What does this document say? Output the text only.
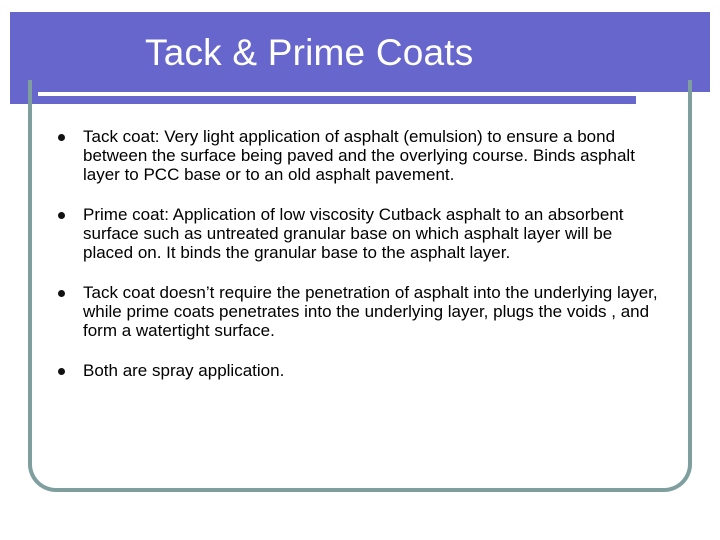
Tack & Prime Coats
Tack coat: Very light application of asphalt (emulsion) to ensure a bond between the surface being paved and the overlying course. Binds asphalt layer to PCC base or to an old asphalt pavement.
Prime coat: Application of low viscosity Cutback asphalt to an absorbent surface such as untreated granular base on which asphalt layer will be placed on. It binds the granular base to the asphalt layer.
Tack coat doesn’t require the penetration of asphalt into the underlying layer, while prime coats penetrates into the underlying layer, plugs the voids , and form a watertight surface.
Both are spray application.
